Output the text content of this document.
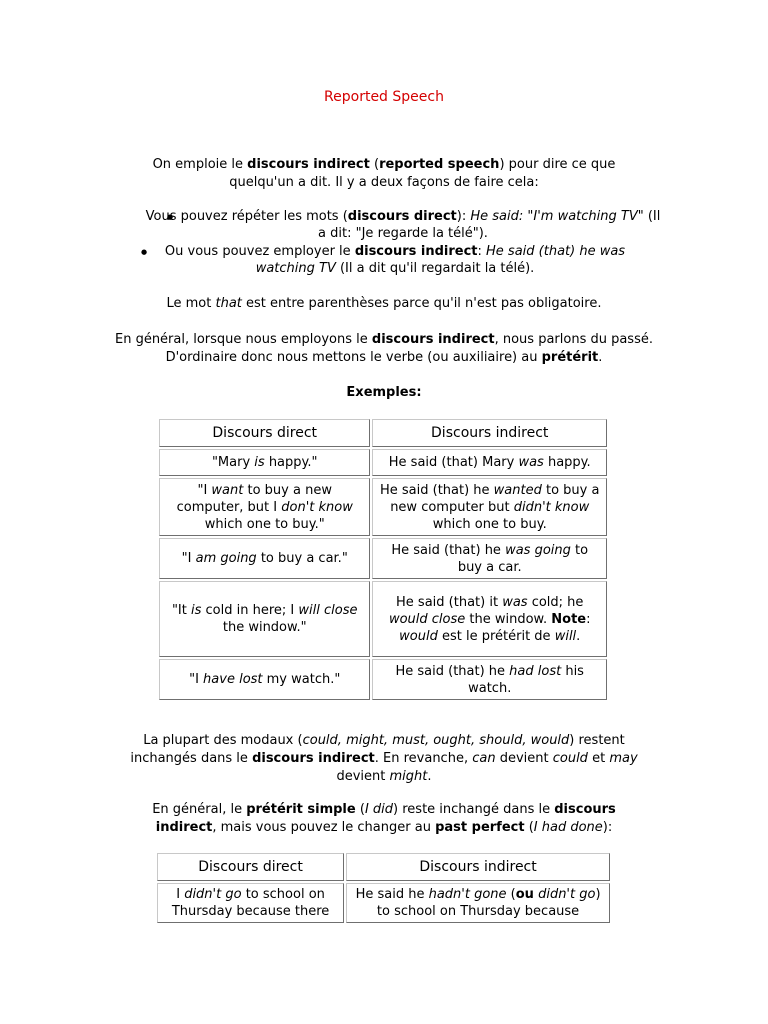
Reported Speech
On emploie le discours indirect (reported speech) pour dire ce que quelqu'un a dit. Il y a deux façons de faire cela:
● Vous pouvez répéter les mots (discours direct): He said: "I'm watching TV" (Il a dit: "Je regarde la télé").
● Ou vous pouvez employer le discours indirect: He said (that) he was watching TV (Il a dit qu'il regardait la télé).
Le mot that est entre parenthèses parce qu'il n'est pas obligatoire.
En général, lorsque nous employons le discours indirect, nous parlons du passé. D'ordinaire donc nous mettons le verbe (ou auxiliaire) au prétérit.
Exemples:
Discours direct	Discours indirect
"Mary is happy."	He said (that) Mary was happy.
"I want to buy a new computer, but I don't know which one to buy."	He said (that) he wanted to buy a new computer but didn't know which one to buy.
"I am going to buy a car."	He said (that) he was going to buy a car.
"It is cold in here; I will close the window."	He said (that) it was cold; he would close the window. Note: would est le prétérit de will.
"I have lost my watch."	He said (that) he had lost his watch.
La plupart des modaux (could, might, must, ought, should, would) restent inchangés dans le discours indirect. En revanche, can devient could et may devient might.
En général, le prétérit simple (I did) reste inchangé dans le discours indirect, mais vous pouvez le changer au past perfect (I had done):
Discours direct	Discours indirect
I didn't go to school on Thursday because there	He said he hadn't gone (ou didn't go) to school on Thursday because
